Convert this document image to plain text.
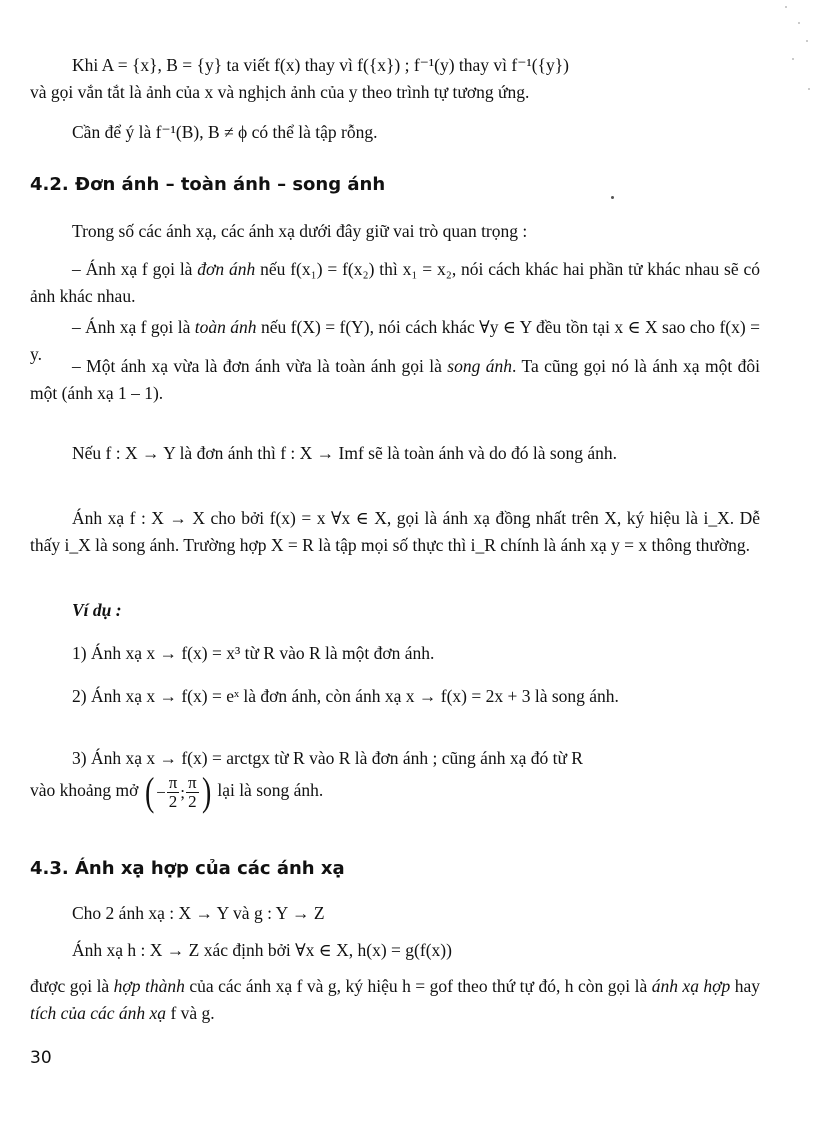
Khi A = {x}, B = {y} ta viết f(x) thay vì f({x}) ; f⁻¹(y) thay vì f⁻¹({y})
và gọi vắn tắt là ảnh của x và nghịch ảnh của y theo trình tự tương ứng.

Cần để ý là f⁻¹(B), B ≠ ϕ có thể là tập rỗng.

4.2. Đơn ánh – toàn ánh – song ánh

Trong số các ánh xạ, các ánh xạ dưới đây giữ vai trò quan trọng :

– Ánh xạ f gọi là đơn ánh nếu f(x₁) = f(x₂) thì x₁ = x₂, nói cách khác hai phần tử khác nhau sẽ có ảnh khác nhau.

– Ánh xạ f gọi là toàn ánh nếu f(X) = f(Y), nói cách khác ∀y ∈ Y đều tồn tại x ∈ X sao cho f(x) = y.

– Một ánh xạ vừa là đơn ánh vừa là toàn ánh gọi là song ánh. Ta cũng gọi nó là ánh xạ một đôi một (ánh xạ 1 – 1).

Nếu f : X → Y là đơn ánh thì f : X → Imf sẽ là toàn ánh và do đó là song ánh.

Ánh xạ f : X → X cho bởi f(x) = x ∀x ∈ X, gọi là ánh xạ đồng nhất trên X, ký hiệu là i_X. Dễ thấy i_X là song ánh. Trường hợp X = R là tập mọi số thực thì i_R chính là ánh xạ y = x thông thường.

Ví dụ :

1) Ánh xạ x → f(x) = x³ từ R vào R là một đơn ánh.

2) Ánh xạ x → f(x) = eˣ là đơn ánh, còn ánh xạ x → f(x) = 2x + 3 là song ánh.

3) Ánh xạ x → f(x) = arctgx từ R vào R là đơn ánh ; cũng ánh xạ đó từ R

vào khoảng mở ( − $\frac{\pi}{2}$ ; $\frac{\pi}{2}$ ) lại là song ánh.

4.3. Ánh xạ hợp của các ánh xạ

Cho 2 ánh xạ : X → Y và g : Y → Z

Ánh xạ h : X → Z xác định bởi ∀x ∈ X, h(x) = g(f(x))

được gọi là hợp thành của các ánh xạ f và g, ký hiệu h = gof theo thứ tự đó, h còn gọi là ánh xạ hợp hay tích của các ánh xạ f và g.

30
